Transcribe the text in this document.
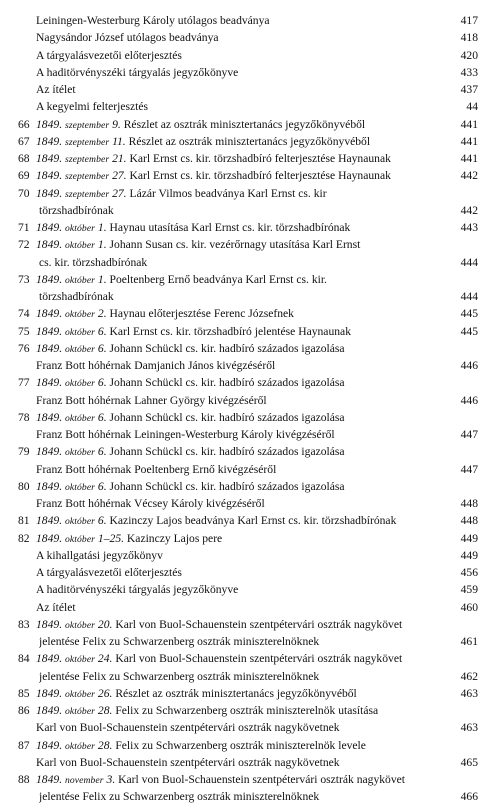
Leiningen-Westerburg Károly utólagos beadványa	417
Nagysándor József utólagos beadványa	418
A tárgyalásvezetői előterjesztés	420
A haditörvényszéki tárgyalás jegyzőkönyve	433
Az ítélet	437
A kegyelmi felterjesztés	44
66 1849. szeptember 9. Részlet az osztrák minisztertanács jegyzőkönyvéből	441
67 1849. szeptember 11. Részlet az osztrák minisztertanács jegyzőkönyvéből	441
68 1849. szeptember 21. Karl Ernst cs. kir. törzshadbíró felterjesztése Haynaunak	441
69 1849. szeptember 27. Karl Ernst cs. kir. törzshadbíró felterjesztése Haynaunak	442
70 1849. szeptember 27. Lázár Vilmos beadványa Karl Ernst cs. kir
törzshadbírónak	442
71 1849. október 1. Haynau utasítása Karl Ernst cs. kir. törzshadbírónak	443
72 1849. október 1. Johann Susan cs. kir. vezérőrnagy utasítása Karl Ernst
cs. kir. törzshadbírónak	444
73 1849. október 1. Poeltenberg Ernő beadványa Karl Ernst cs. kir.
törzshadbírónak	444
74 1849. október 2. Haynau előterjesztése Ferenc Józsefnek	445
75 1849. október 6. Karl Ernst cs. kir. törzshadbíró jelentése Haynaunak	445
76 1849. október 6. Johann Schückl cs. kir. hadbíró százados igazolása
Franz Bott hóhérnak Damjanich János kivégzéséről	446
77 1849. október 6. Johann Schückl cs. kir. hadbíró százados igazolása
Franz Bott hóhérnak Lahner György kivégzéséről	446
78 1849. október 6. Johann Schückl cs. kir. hadbíró százados igazolása
Franz Bott hóhérnak Leiningen-Westerburg Károly kivégzéséről	447
79 1849. október 6. Johann Schückl cs. kir. hadbíró százados igazolása
Franz Bott hóhérnak Poeltenberg Ernő kivégzéséről	447
80 1849. október 6. Johann Schückl cs. kir. hadbíró százados igazolása
Franz Bott hóhérnak Vécsey Károly kivégzéséről	448
81 1849. október 6. Kazinczy Lajos beadványa Karl Ernst cs. kir. törzshadbírónak	448
82 1849. október 1–25. Kazinczy Lajos pere	449
A kihallgatási jegyzőkönyv	449
A tárgyalásvezetői előterjesztés	456
A haditörvényszéki tárgyalás jegyzőkönyve	459
Az ítélet	460
83 1849. október 20. Karl von Buol-Schauenstein szentpétervári osztrák nagykövet
jelentése Felix zu Schwarzenberg osztrák miniszterelnöknek	461
84 1849. október 24. Karl von Buol-Schauenstein szentpétervári osztrák nagykövet
jelentése Felix zu Schwarzenberg osztrák miniszterelnöknek	462
85 1849. október 26. Részlet az osztrák minisztertanács jegyzőkönyvéből	463
86 1849. október 28. Felix zu Schwarzenberg osztrák miniszterelnök utasítása
Karl von Buol-Schauenstein szentpétervári osztrák nagykövetnek	463
87 1849. október 28. Felix zu Schwarzenberg osztrák miniszterelnök levele
Karl von Buol-Schauenstein szentpétervári osztrák nagykövetnek	465
88 1849. november 3. Karl von Buol-Schauenstein szentpétervári osztrák nagykövet
jelentése Felix zu Schwarzenberg osztrák miniszterelnöknek	466
